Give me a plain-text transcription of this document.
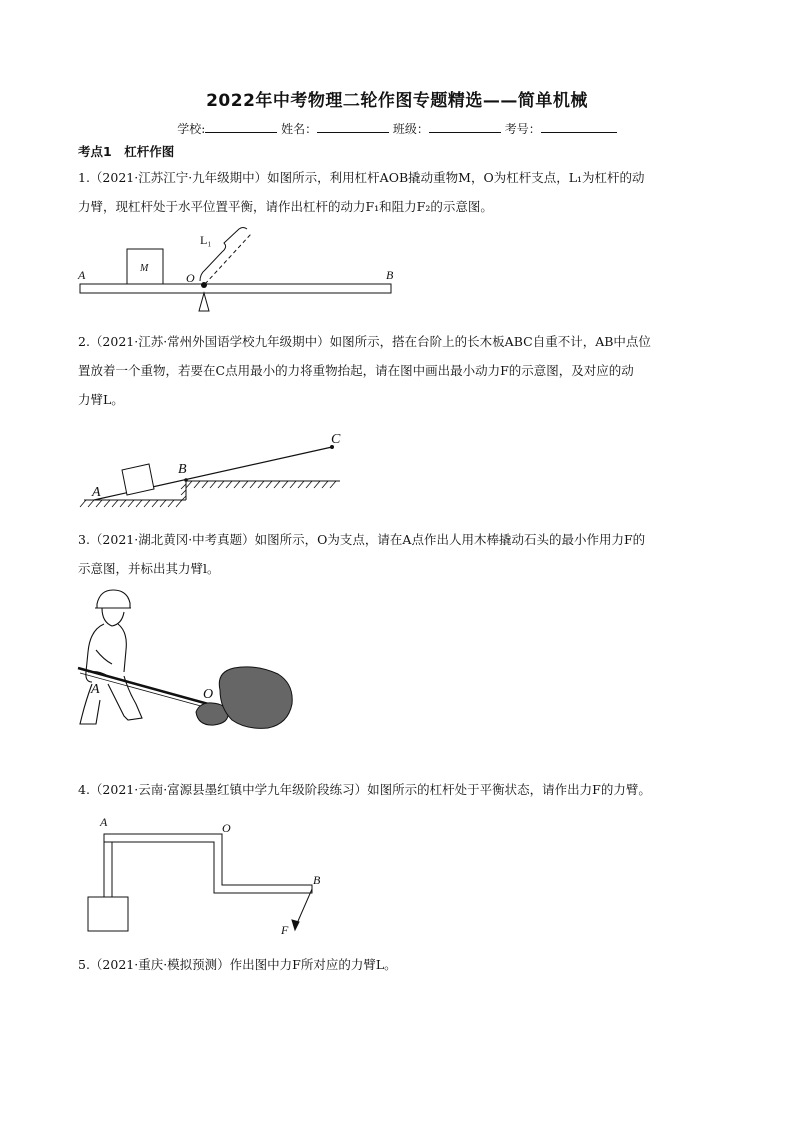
2022年中考物理二轮作图专题精选——简单机械
学校:	姓名：	班级：	考号：
考点1　杠杆作图
1.（2021·江苏江宁·九年级期中）如图所示，利用杠杆AOB撬动重物M，O为杠杆支点，L₁为杠杆的动
力臂，现杠杆处于水平位置平衡，请作出杠杆的动力F₁和阻力F₂的示意图。
M
A	B
O
L₁
2.（2021·江苏·常州外国语学校九年级期中）如图所示，搭在台阶上的长木板ABC自重不计，AB中点位
置放着一个重物，若要在C点用最小的力将重物抬起，请在图中画出最小动力F的示意图，及对应的动
力臂L。
A
B
C
3.（2021·湖北黄冈·中考真题）如图所示，O为支点，请在A点作出人用木棒撬动石头的最小作用力F的
示意图，并标出其力臂l。
A	O
4.（2021·云南·富源县墨红镇中学九年级阶段练习）如图所示的杠杆处于平衡状态，请作出力F的力臂。
A	O
B
F
5.（2021·重庆·模拟预测）作出图中力F所对应的力臂L。
